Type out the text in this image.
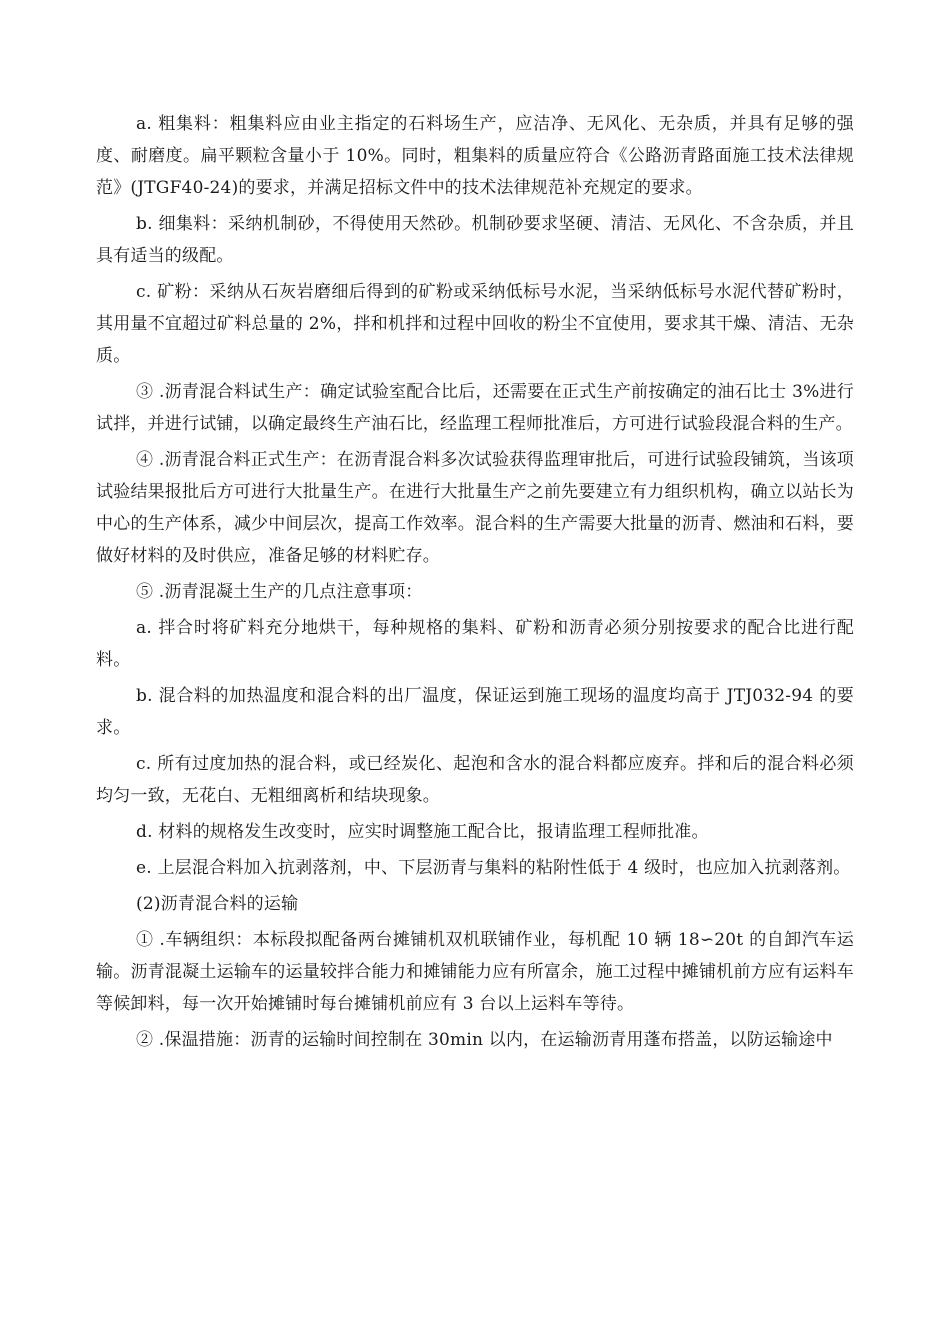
a. 粗集料：粗集料应由业主指定的石料场生产，应洁净、无风化、无杂质，并具有足够的强度、耐磨度。扁平颗粒含量小于 10%。同时，粗集料的质量应符合《公路沥青路面施工技术法律规范》(JTGF40-24)的要求，并满足招标文件中的技术法律规范补充规定的要求。

b. 细集料：采纳机制砂，不得使用天然砂。机制砂要求坚硬、清洁、无风化、不含杂质，并且具有适当的级配。

c. 矿粉：采纳从石灰岩磨细后得到的矿粉或采纳低标号水泥，当采纳低标号水泥代替矿粉时，其用量不宜超过矿料总量的 2%，拌和机拌和过程中回收的粉尘不宜使用，要求其干燥、清洁、无杂质。

③ .沥青混合料试生产：确定试验室配合比后，还需要在正式生产前按确定的油石比士 3%进行试拌，并进行试铺，以确定最终生产油石比，经监理工程师批准后，方可进行试验段混合料的生产。

④ .沥青混合料正式生产：在沥青混合料多次试验获得监理审批后，可进行试验段铺筑，当该项试验结果报批后方可进行大批量生产。在进行大批量生产之前先要建立有力组织机构，确立以站长为中心的生产体系，减少中间层次，提高工作效率。混合料的生产需要大批量的沥青、燃油和石料，要做好材料的及时供应，准备足够的材料贮存。

⑤ .沥青混凝土生产的几点注意事项：

a. 拌合时将矿料充分地烘干，每种规格的集料、矿粉和沥青必须分别按要求的配合比进行配料。

b. 混合料的加热温度和混合料的出厂温度，保证运到施工现场的温度均高于 JTJ032-94 的要求。

c. 所有过度加热的混合料，或已经炭化、起泡和含水的混合料都应废弃。拌和后的混合料必须均匀一致，无花白、无粗细离析和结块现象。

d. 材料的规格发生改变时，应实时调整施工配合比，报请监理工程师批准。

e. 上层混合料加入抗剥落剂，中、下层沥青与集料的粘附性低于 4 级时，也应加入抗剥落剂。

(2)沥青混合料的运输

① .车辆组织：本标段拟配备两台摊铺机双机联铺作业，每机配 10 辆 18∽20t 的自卸汽车运输。沥青混凝土运输车的运量较拌合能力和摊铺能力应有所富余，施工过程中摊铺机前方应有运料车等候卸料，每一次开始摊铺时每台摊铺机前应有 3 台以上运料车等待。

② .保温措施：沥青的运输时间控制在 30min 以内，在运输沥青用蓬布搭盖，以防运输途中
